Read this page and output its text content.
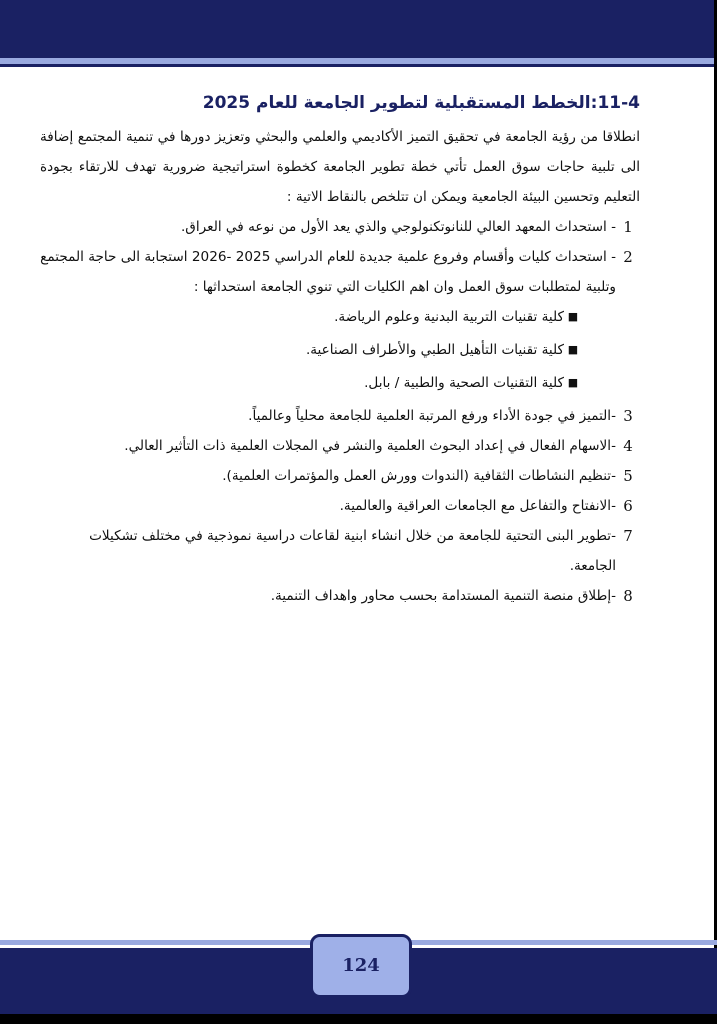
11-4:الخطط المستقبلية لتطوير الجامعة للعام 2025

انطلاقا من رؤية الجامعة في تحقيق التميز الأكاديمي والعلمي والبحثي وتعزيز دورها في تنمية المجتمع إضافة الى تلبية حاجات سوق العمل تأتي خطة تطوير الجامعة كخطوة استراتيجية ضرورية تهدف للارتقاء بجودة التعليم وتحسين البيئة الجامعية ويمكن ان تتلخص بالنقاط الاتية :

1
- استحداث المعهد العالي للنانوتكنولوجي والذي يعد الأول من نوعه في العراق.
2
- استحداث كليات وأقسام وفروع علمية جديدة للعام الدراسي 2025 -2026 استجابة الى حاجة المجتمع وتلبية لمتطلبات سوق العمل وان اهم الكليات التي تنوي الجامعة استحداثها :
■
كلية تقنيات التربية البدنية وعلوم الرياضة.
■
كلية تقنيات التأهيل الطبي والأطراف الصناعية.
■
كلية التقنيات الصحية والطبية / بابل.
3
-التميز في جودة الأداء ورفع المرتبة العلمية للجامعة محلياً وعالمياً.
4
-الاسهام الفعال في إعداد البحوث العلمية والنشر في المجلات العلمية ذات التأثير العالي.
5
-تنظيم النشاطات الثقافية (الندوات وورش العمل والمؤتمرات العلمية).
6
-الانفتاح والتفاعل مع الجامعات العراقية والعالمية.
7
-تطوير البنى التحتية للجامعة من خلال انشاء ابنية لقاعات دراسية نموذجية في مختلف تشكيلات الجامعة.
8
-إطلاق منصة التنمية المستدامة بحسب محاور واهداف التنمية.
124
